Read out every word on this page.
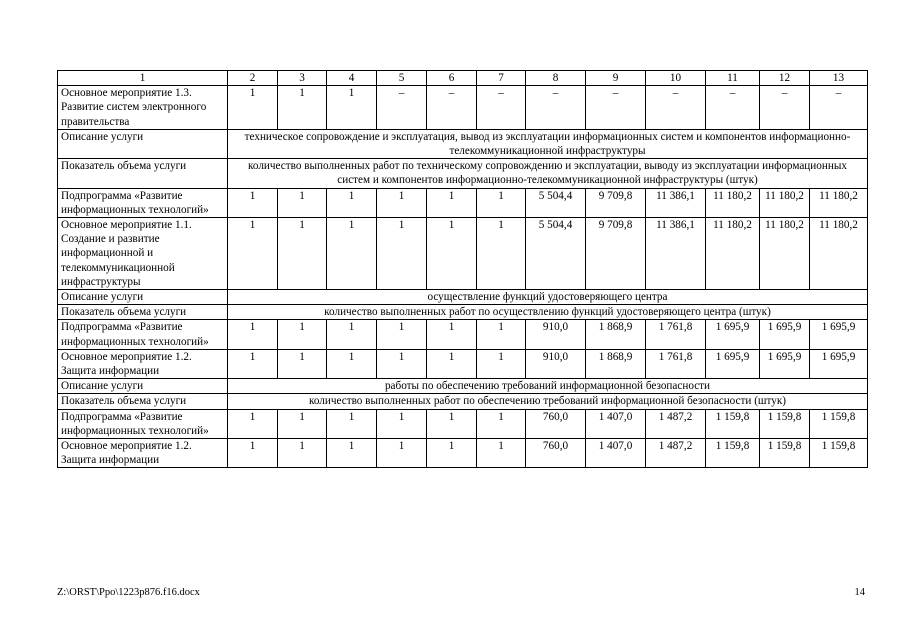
1	2	3	4	5	6	7	8	9	10	11	12	13
Основное мероприятие 1.3. Развитие систем электронного правительства	1	1	1	–	–	–	–	–	–	–	–	–
Описание услуги	техническое сопровождение и эксплуатация, вывод из эксплуатации информационных систем и компонентов информационно-телекоммуникационной инфраструктуры											
Показатель объема услуги	количество выполненных работ по техническому сопровождению и эксплуатации, выводу из эксплуатации информационных систем и компонентов информационно-телекоммуникационной инфраструктуры (штук)											
Подпрограмма «Развитие информационных технологий»	1	1	1	1	1	1	5 504,4	9 709,8	11 386,1	11 180,2	11 180,2	11 180,2
Основное мероприятие 1.1. Создание и развитие информационной и телекоммуникационной инфраструктуры	1	1	1	1	1	1	5 504,4	9 709,8	11 386,1	11 180,2	11 180,2	11 180,2
Описание услуги	осуществление функций удостоверяющего центра											
Показатель объема услуги	количество выполненных работ по осуществлению функций удостоверяющего центра (штук)											
Подпрограмма «Развитие информационных технологий»	1	1	1	1	1	1	910,0	1 868,9	1 761,8	1 695,9	1 695,9	1 695,9
Основное мероприятие 1.2. Защита информации	1	1	1	1	1	1	910,0	1 868,9	1 761,8	1 695,9	1 695,9	1 695,9
Описание услуги	работы по обеспечению требований информационной безопасности											
Показатель объема услуги	количество выполненных работ по обеспечению требований информационной безопасности (штук)											
Подпрограмма «Развитие информационных технологий»	1	1	1	1	1	1	760,0	1 407,0	1 487,2	1 159,8	1 159,8	1 159,8
Основное мероприятие 1.2. Защита информации	1	1	1	1	1	1	760,0	1 407,0	1 487,2	1 159,8	1 159,8	1 159,8
Z:\ORST\Ppo\1223p876.f16.docx	14
